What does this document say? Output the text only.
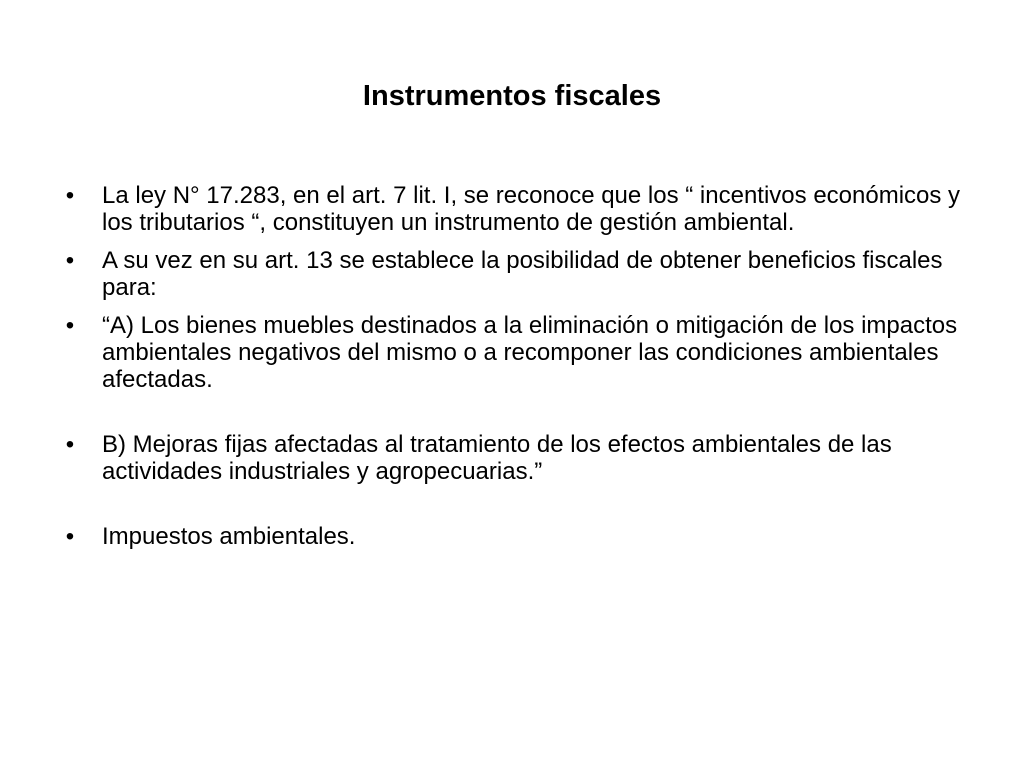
Instrumentos fiscales
• La ley N° 17.283, en el art. 7 lit. I, se reconoce que los “ incentivos económicos y los tributarios “, constituyen un instrumento de gestión ambiental.
• A su vez en su art. 13 se establece la posibilidad de obtener beneficios fiscales para:
• “A) Los bienes muebles destinados a la eliminación o mitigación de los impactos ambientales negativos del mismo o a recomponer las condiciones ambientales afectadas.
• B) Mejoras fijas afectadas al tratamiento de los efectos ambientales de las actividades industriales y agropecuarias.”
• Impuestos ambientales.
